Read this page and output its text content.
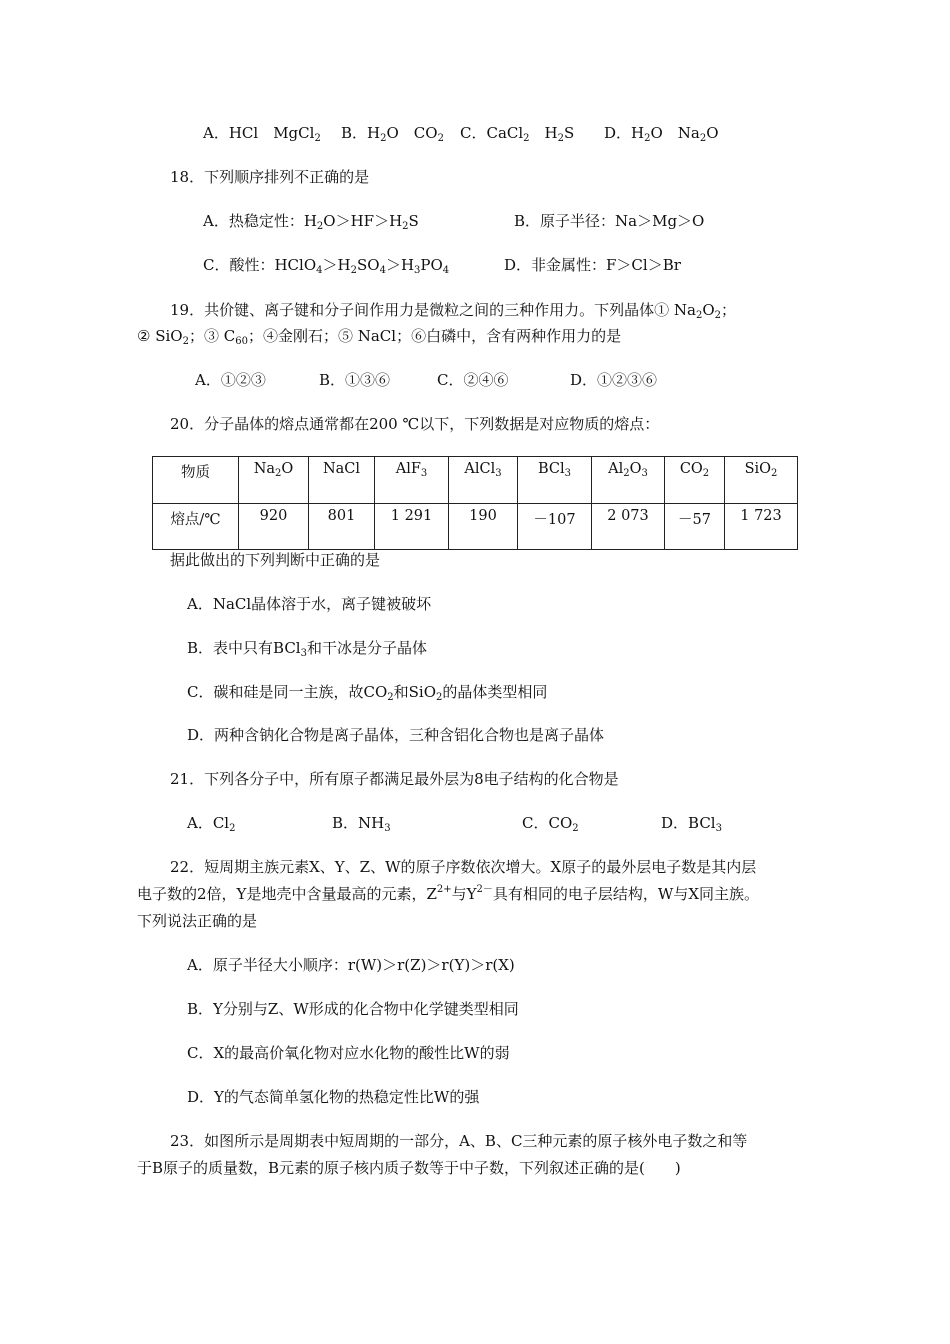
A．HCl　MgCl$_2$ B．$H_2O$　$CO_2$ C．CaCl$_2$　$H_2S$ D．$H_2O$　$Na_2O$
18．下列顺序排列不正确的是
A．热稳定性：$H_2O>HF>H_2S$	B．原子半径：Na＞Mg＞O
C．酸性：$HClO_4>H_2SO_4>H_3PO_4$	D．非金属性：F＞Cl＞Br
19．共价键、离子键和分子间作用力是微粒之间的三种作用力。下列晶体① $Na_2O_2$；
② SiO$_2$；③ $C_{60}$；④金刚石；⑤ NaCl；⑥白磷中，含有两种作用力的是
A．①②③	B．①③⑥	C．②④⑥	D．①②③⑥
20．分子晶体的熔点通常都在200 ℃以下，下列数据是对应物质的熔点：
物质	$Na_2O$	NaCl	AlF$_3$	AlCl$_3$	BCl$_3$	$Al_2O_3$	$CO_2$	SiO$_2$
熔点/℃	920	801	1 291	190	－107	2 073	－57	1 723
据此做出的下列判断中正确的是
A．NaCl晶体溶于水，离子键被破坏
B．表中只有BCl$_3$和干冰是分子晶体
C．碳和硅是同一主族，故$CO_2$和SiO$_2$的晶体类型相同
D．两种含钠化合物是离子晶体，三种含铝化合物也是离子晶体
21．下列各分子中，所有原子都满足最外层为8电子结构的化合物是
A．$Cl_2$	B．$NH_3$	C．$CO_2$	D．BCl$_3$
22．短周期主族元素X、Y、Z、W的原子序数依次增大。X原子的最外层电子数是其内层
电子数的2倍，Y是地壳中含量最高的元素，$Z^{2+}$与$Y^{2-}$具有相同的电子层结构，W与X同主族。
下列说法正确的是
A．原子半径大小顺序：r(W)＞r(Z)＞r(Y)＞r(X)
B．Y分别与Z、W形成的化合物中化学键类型相同
C．X的最高价氧化物对应水化物的酸性比W的弱
D．Y的气态简单氢化物的热稳定性比W的强
23．如图所示是周期表中短周期的一部分，A、B、C三种元素的原子核外电子数之和等
于B原子的质量数，B元素的原子核内质子数等于中子数，下列叙述正确的是(　　)
